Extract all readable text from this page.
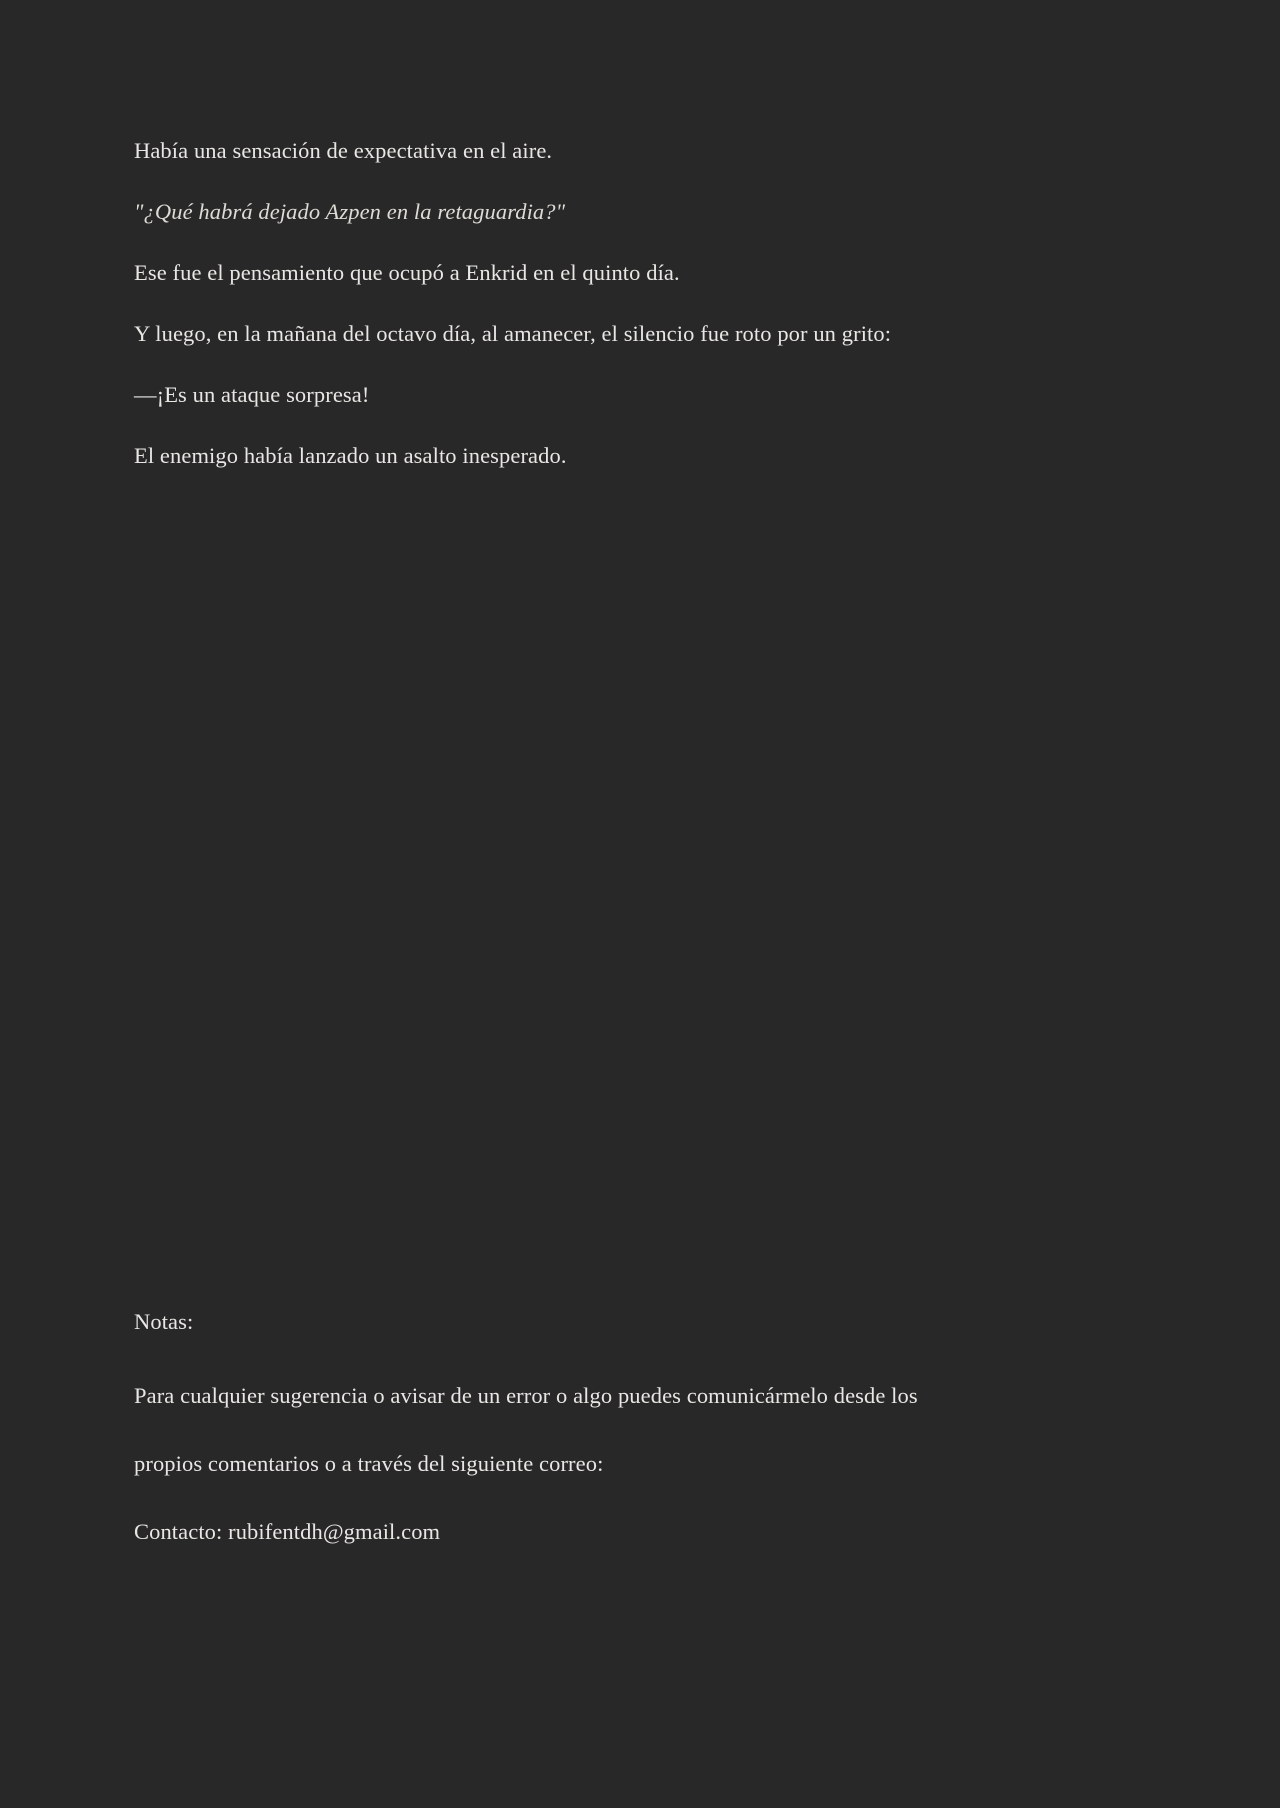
Había una sensación de expectativa en el aire.

"¿Qué habrá dejado Azpen en la retaguardia?"

Ese fue el pensamiento que ocupó a Enkrid en el quinto día.

Y luego, en la mañana del octavo día, al amanecer, el silencio fue roto por un grito:

—¡Es un ataque sorpresa!

El enemigo había lanzado un asalto inesperado.

Notas:

Para cualquier sugerencia o avisar de un error o algo puedes comunicármelo desde los

propios comentarios o a través del siguiente correo:

Contacto: rubifentdh@gmail.com
